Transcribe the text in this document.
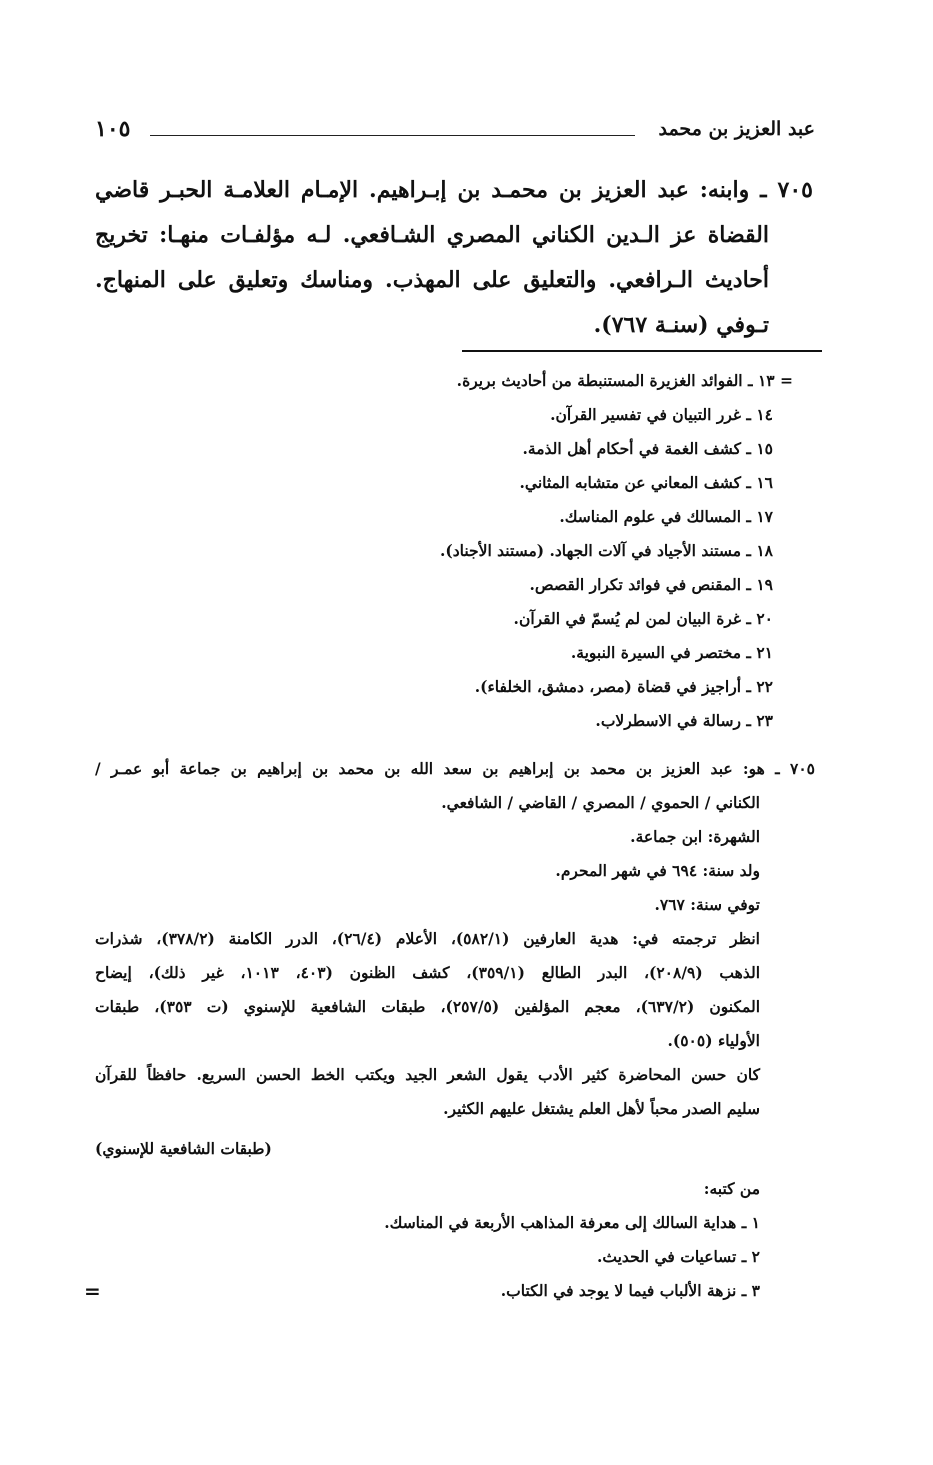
عبد العزيز بن محمد
١٠٥

٧٠٥ ـ وابنه: عبد العزيز بن محمـد بن إبـراهيم. الإمـام العلامـة الحبـر قاضي

القضاة عز الـدين الكناني المصري الشـافعي. لـه مؤلفـات منهـا: تخريج

أحاديث الـرافعي. والتعليق على المهذب. ومناسك وتعليق على المنهاج.

تـوفي (سنـة ٧٦٧).

= ١٣ ـ الفوائد الغزيرة المستنبطة من أحاديث بريرة.
١٤ ـ غرر التبيان في تفسير القرآن.
١٥ ـ كشف الغمة في أحكام أهل الذمة.
١٦ ـ كشف المعاني عن متشابه المثاني.
١٧ ـ المسالك في علوم المناسك.
١٨ ـ مستند الأجياد في آلات الجهاد. (مستند الأجناد).
١٩ ـ المقنص في فوائد تكرار القصص.
٢٠ ـ غرة البيان لمن لم يُسمّ في القرآن.
٢١ ـ مختصر في السيرة النبوية.
٢٢ ـ أراجيز في قضاة (مصر، دمشق، الخلفاء).
٢٣ ـ رسالة في الاسطرلاب.
٧٠٥ ـ هو: عبد العزيز بن محمد بن إبراهيم بن سعد الله بن محمد بن إبراهيم بن جماعة أبو عمـر /
الكناني / الحموي / المصري / القاضي / الشافعي.
الشهرة: ابن جماعة.
ولد سنة: ٦٩٤ في شهر المحرم.
توفي سنة: ٧٦٧.
انظر ترجمته في: هدية العارفين (٥٨٢/١)، الأعلام (٢٦/٤)، الدرر الكامنة (٣٧٨/٢)، شذرات
الذهب (٢٠٨/٩)، البدر الطالع (٣٥٩/١)، كشف الظنون (٤٠٣، ١٠١٣، غير ذلك)، إيضاح
المكنون (٦٣٧/٢)، معجم المؤلفين (٢٥٧/٥)، طبقات الشافعية للإسنوي (ت ٣٥٣)، طبقات
الأولياء (٥٠٥).
كان حسن المحاضرة كثير الأدب يقول الشعر الجيد ويكتب الخط الحسن السريع. حافظاً للقرآن
سليم الصدر محباً لأهل العلم يشتغل عليهم الكثير.
(طبقات الشافعية للإسنوي)
من كتبه:
١ ـ هداية السالك إلى معرفة المذاهب الأربعة في المناسك.
٢ ـ تساعيات في الحديث.
٣ ـ نزهة الألباب فيما لا يوجد في الكتاب.
=
